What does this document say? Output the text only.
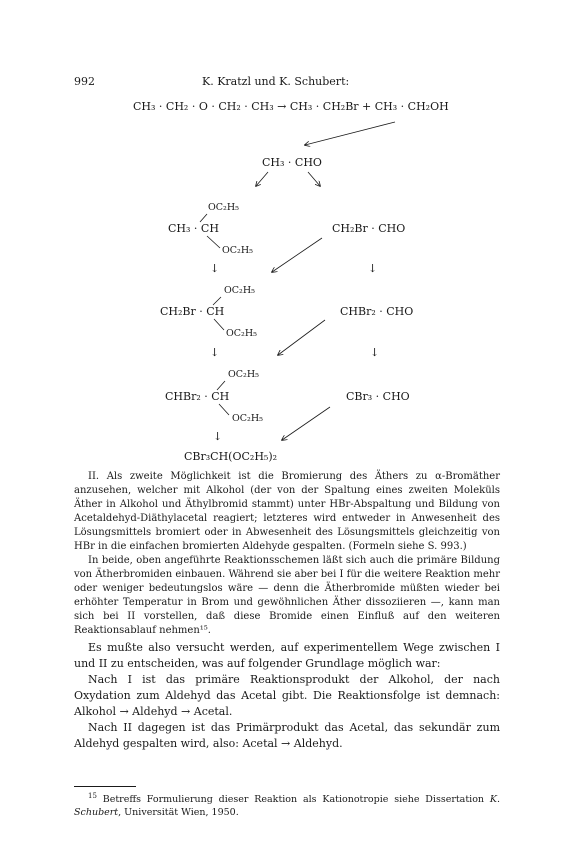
992	K. Kratzl und K. Schubert:
CH₃ · CH₂ · O · CH₂ · CH₃ → CH₃ · CH₂Br + CH₃ · CH₂OH
CH₃ · CHO
OC₂H₅
CH₃ · CH
OC₂H₅
CH₂Br · CHO
↓	↓
OC₂H₅
CH₂Br · CH
OC₂H₅
CHBr₂ · CHO
↓	↓
OC₂H₅
CHBr₂ · CH
OC₂H₅
CBr₃ · CHO
↓
CBr₃CH(OC₂H₅)₂

II. Als zweite Möglichkeit ist die Bromierung des Äthers zu α-Bromäther anzusehen, welcher mit Alkohol (der von der Spaltung eines zweiten Moleküls Äther in Alkohol und Äthylbromid stammt) unter HBr-Abspaltung und Bildung von Acetaldehyd-Diäthylacetal reagiert; letzteres wird entweder in Anwesenheit des Lösungsmittels bromiert oder in Abwesenheit des Lösungsmittels gleichzeitig von HBr in die einfachen bromierten Aldehyde gespalten. (Formeln siehe S. 993.)

In beide, oben angeführte Reaktionsschemen läßt sich auch die primäre Bildung von Ätherbromiden einbauen. Während sie aber bei I für die weitere Reaktion mehr oder weniger bedeutungslos wäre — denn die Ätherbromide müßten wieder bei erhöhter Temperatur in Brom und gewöhnlichen Äther dissoziieren —, kann man sich bei II vorstellen, daß diese Bromide einen Einfluß auf den weiteren Reaktionsablauf nehmen¹⁵.

Es mußte also versucht werden, auf experimentellem Wege zwischen I und II zu entscheiden, was auf folgender Grundlage möglich war:

Nach I ist das primäre Reaktionsprodukt der Alkohol, der nach Oxydation zum Aldehyd das Acetal gibt. Die Reaktionsfolge ist demnach: Alkohol → Aldehyd → Acetal.

Nach II dagegen ist das Primärprodukt das Acetal, das sekundär zum Aldehyd gespalten wird, also: Acetal → Aldehyd.

$^{15}$ Betreffs Formulierung dieser Reaktion als Kationotropie siehe Dissertation K. Schubert, Universität Wien, 1950.
